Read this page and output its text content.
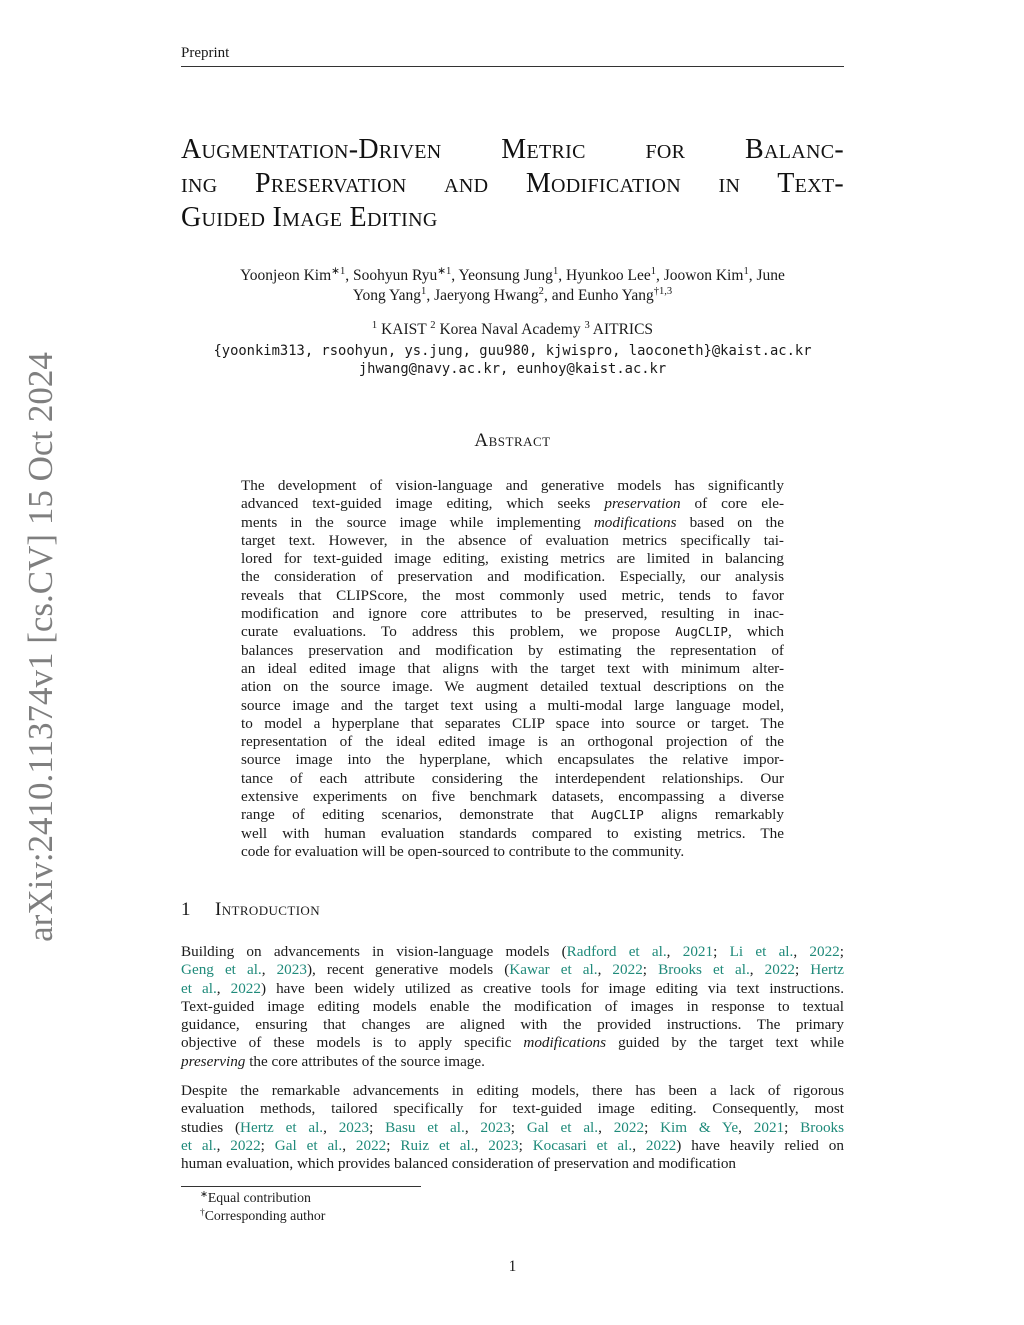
arXiv:2410.11374v1 [cs.CV] 15 Oct 2024
Preprint
Augmentation-Driven Metric for Balanc-
ing Preservation and Modification in Text-
Guided Image Editing
Yoonjeon Kim$^{∗1}$, Soohyun Ryu$^{∗1}$, Yeonsung Jung$^1$, Hyunkoo Lee$^1$, Joowon Kim$^1$, June
Yong Yang$^1$, Jaeryong Hwang$^2$, and Eunho Yang$^{\dagger 1,3}$
$^1$ KAIST $^2$ Korea Naval Academy $^3$ AITRICS
{yoonkim313, rsoohyun, ys.jung, guu980, kjwispro, laoconeth}@kaist.ac.kr
jhwang@navy.ac.kr, eunhoy@kaist.ac.kr
Abstract
The development of vision-language and generative models has significantly
advanced text-guided image editing, which seeks preservation of core ele-
ments in the source image while implementing modifications based on the
target text. However, in the absence of evaluation metrics specifically tai-
lored for text-guided image editing, existing metrics are limited in balancing
the consideration of preservation and modification. Especially, our analysis
reveals that CLIPScore, the most commonly used metric, tends to favor
modification and ignore core attributes to be preserved, resulting in inac-
curate evaluations. To address this problem, we propose AugCLIP, which
balances preservation and modification by estimating the representation of
an ideal edited image that aligns with the target text with minimum alter-
ation on the source image. We augment detailed textual descriptions on the
source image and the target text using a multi-modal large language model,
to model a hyperplane that separates CLIP space into source or target. The
representation of the ideal edited image is an orthogonal projection of the
source image into the hyperplane, which encapsulates the relative impor-
tance of each attribute considering the interdependent relationships. Our
extensive experiments on five benchmark datasets, encompassing a diverse
range of editing scenarios, demonstrate that AugCLIP aligns remarkably
well with human evaluation standards compared to existing metrics. The
code for evaluation will be open-sourced to contribute to the community.
1 Introduction
Building on advancements in vision-language models (Radford et al., 2021; Li et al., 2022;
Geng et al., 2023), recent generative models (Kawar et al., 2022; Brooks et al., 2022; Hertz
et al., 2022) have been widely utilized as creative tools for image editing via text instructions.
Text-guided image editing models enable the modification of images in response to textual
guidance, ensuring that changes are aligned with the provided instructions. The primary
objective of these models is to apply specific modifications guided by the target text while
preserving the core attributes of the source image.
Despite the remarkable advancements in editing models, there has been a lack of rigorous
evaluation methods, tailored specifically for text-guided image editing. Consequently, most
studies (Hertz et al., 2023; Basu et al., 2023; Gal et al., 2022; Kim & Ye, 2021; Brooks
et al., 2022; Gal et al., 2022; Ruiz et al., 2023; Kocasari et al., 2022) have heavily relied on
human evaluation, which provides balanced consideration of preservation and modification
∗Equal contribution
†Corresponding author
1
